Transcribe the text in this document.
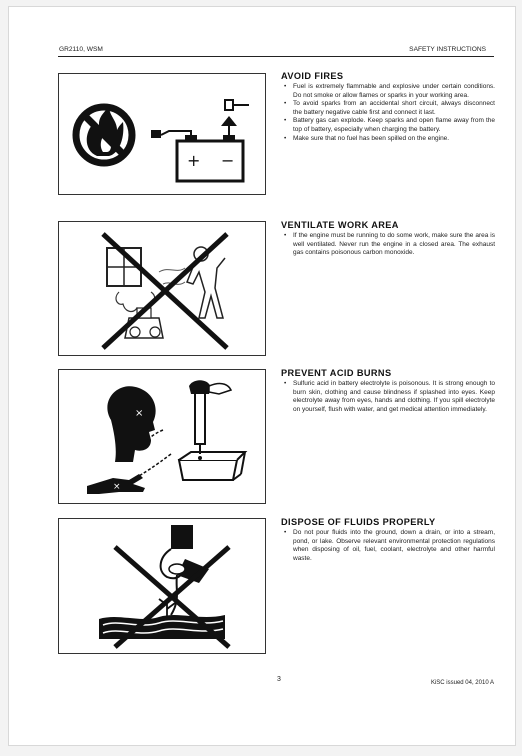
GR2110, WSM	SAFETY INSTRUCTIONS
+ −
×
×
AVOID FIRES
• Fuel is extremely flammable and explosive under certain conditions. Do not smoke or allow flames or sparks in your working area.
• To avoid sparks from an accidental short circuit, always disconnect the battery negative cable first and connect it last.
• Battery gas can explode. Keep sparks and open flame away from the top of battery, especially when charging the battery.
• Make sure that no fuel has been spilled on the engine.
VENTILATE WORK AREA
• If the engine must be running to do some work, make sure the area is well ventilated. Never run the engine in a closed area. The exhaust gas contains poisonous carbon monoxide.
PREVENT ACID BURNS
• Sulfuric acid in battery electrolyte is poisonous. It is strong enough to burn skin, clothing and cause blindness if splashed into eyes. Keep electrolyte away from eyes, hands and clothing. If you spill electrolyte on yourself, flush with water, and get medical attention immediately.
DISPOSE OF FLUIDS PROPERLY
• Do not pour fluids into the ground, down a drain, or into a stream, pond, or lake. Observe relevant environmental protection regulations when disposing of oil, fuel, coolant, electrolyte and other harmful waste.
3	KiSC issued 04, 2010 A
